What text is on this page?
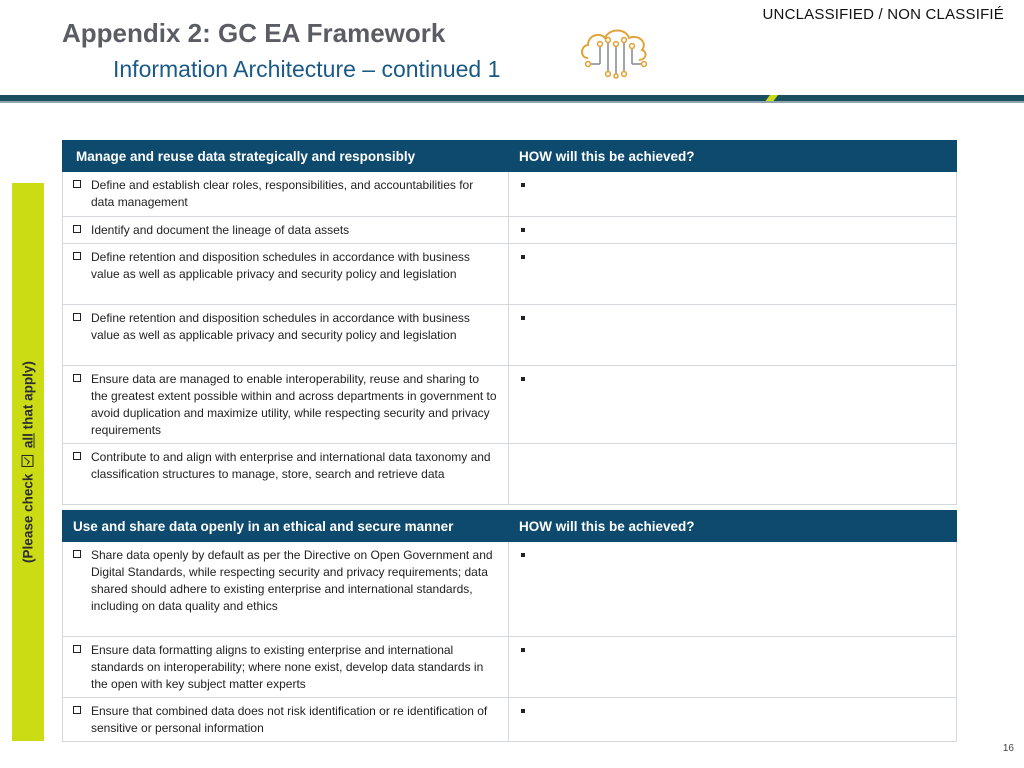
UNCLASSIFIED / NON CLASSIFIÉ
Appendix 2: GC EA Framework
Information Architecture – continued 1
(Please check  all that apply)
Manage and reuse data strategically and responsibly	HOW will this be achieved?

Define and establish clear roles, responsibilities, and accountabilities for data management	

Identify and document the lineage of data assets	

Define retention and disposition schedules in accordance with business value as well as applicable privacy and security policy and legislation	

Define retention and disposition schedules in accordance with business value as well as applicable privacy and security policy and legislation	

Ensure data are managed to enable interoperability, reuse and sharing to the greatest extent possible within and across departments in government to avoid duplication and maximize utility, while respecting security and privacy requirements	

Contribute to and align with enterprise and international data taxonomy and classification structures to manage, store, search and retrieve data	
Use and share data openly in an ethical and secure manner	HOW will this be achieved?

Share data openly by default as per the Directive on Open Government and Digital Standards, while respecting security and privacy requirements; data shared should adhere to existing enterprise and international standards, including on data quality and ethics	

Ensure data formatting aligns to existing enterprise and international standards on interoperability; where none exist, develop data standards in the open with key subject matter experts	

Ensure that combined data does not risk identification or re identification of sensitive or personal information	
16
